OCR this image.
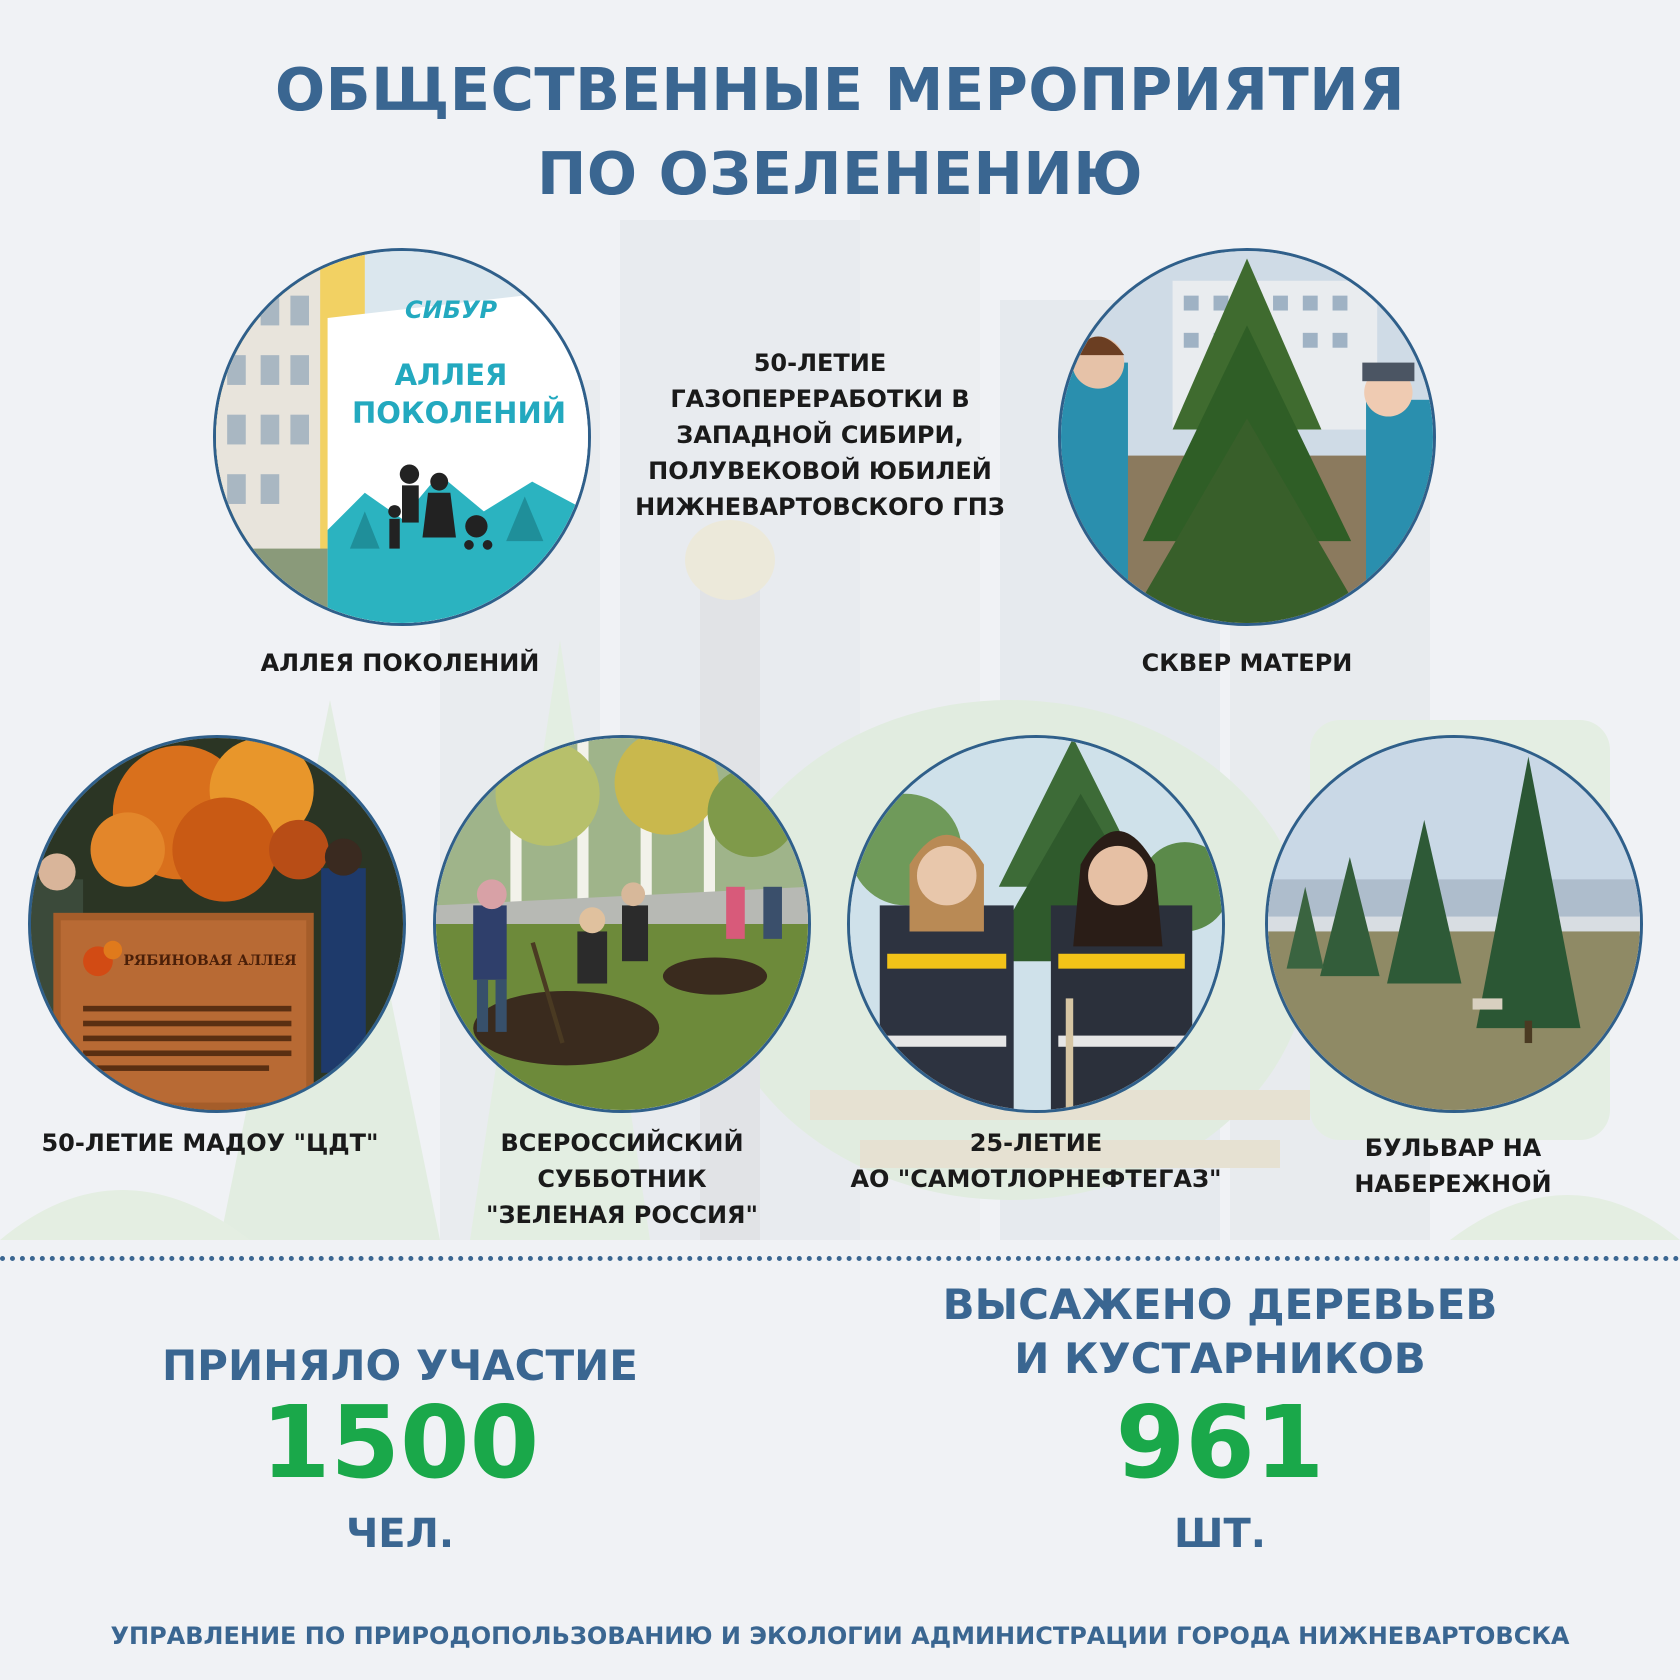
ОБЩЕСТВЕННЫЕ МЕРОПРИЯТИЯ
ПО ОЗЕЛЕНЕНИЮ
50-ЛЕТИЕ
ГАЗОПЕРЕРАБОТКИ В
ЗАПАДНОЙ СИБИРИ,
ПОЛУВЕКОВОЙ ЮБИЛЕЙ
НИЖНЕВАРТОВСКОГО ГПЗ
СИБУР
АЛЛЕЯ
ПОКОЛЕНИЙ
АЛЛЕЯ ПОКОЛЕНИЙ	СКВЕР МАТЕРИ
РЯБИНОВАЯ АЛЛЕЯ
50-ЛЕТИЕ МАДОУ "ЦДТ"	ВСЕРОССИЙСКИЙ
СУББОТНИК
"ЗЕЛЕНАЯ РОССИЯ"
25-ЛЕТИЕ
АО "САМОТЛОРНЕФТЕГАЗ"
БУЛЬВАР НА
НАБЕРЕЖНОЙ
ПРИНЯЛО УЧАСТИЕ
1500
ЧЕЛ.
ВЫСАЖЕНО ДЕРЕВЬЕВ
И КУСТАРНИКОВ
961
ШТ.
УПРАВЛЕНИЕ ПО ПРИРОДОПОЛЬЗОВАНИЮ И ЭКОЛОГИИ АДМИНИСТРАЦИИ ГОРОДА НИЖНЕВАРТОВСКА
